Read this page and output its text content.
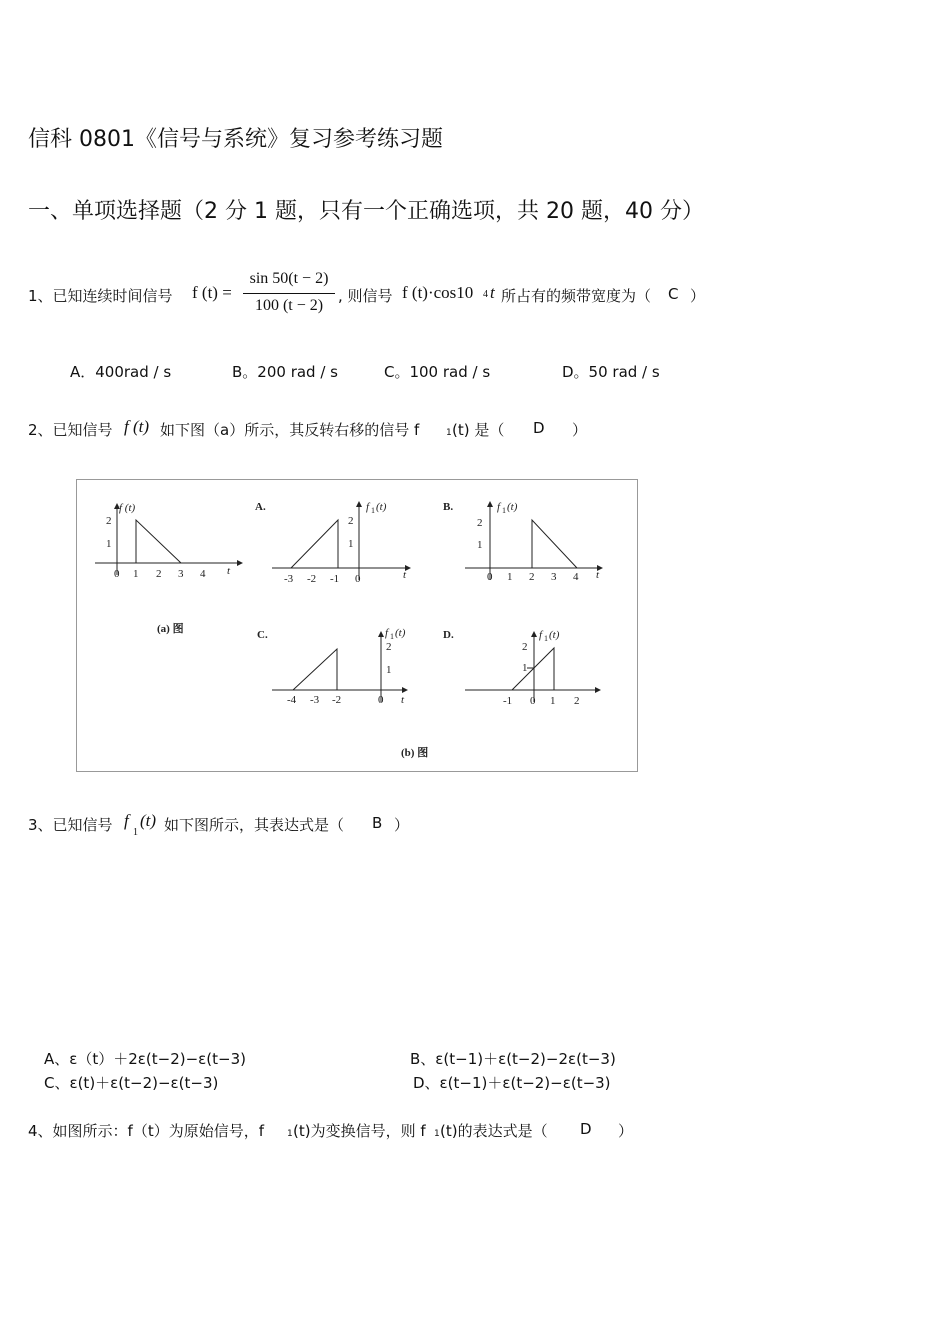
信科 0801《信号与系统》复习参考练习题
一、单项选择题（2 分 1 题，只有一个正确选项，共 20 题，40 分）
1、已知连续时间信号 f (t) =
sin 50(t − 2)
100 (t − 2)
, 则信号 f (t)·cos10 4 t 所占有的频带宽度为（ C ）
A．400rad / s	B。200 rad / s	C。100 rad / s	D。50 rad / s
2、已知信号 f (t) 如下图（a）所示，其反转右移的信号 f	1 (t) 是（ D ）
f (t)
2
1
0 1 2 3 4 t
(a) 图
A.	f 1 (t)
2
1
-3 -2 -1 0	t
B.	f 1 (t)
2
1
0 1 2 3 4 t
C.	f 1 (t)
2
1
-4 -3 -2	0 t
D.	f 1 (t)
2
1
-1 0 1 2
(b) 图
3、已知信号 f
1
(t) 如下图所示，其表达式是（ B ）
A、ε（t）＋2ε(t−2)−ε(t−3)	B、ε(t−1)＋ε(t−2)−2ε(t−3)
C、ε(t)＋ε(t−2)−ε(t−3)	D、ε(t−1)＋ε(t−2)−ε(t−3)
4、如图所示：f（t）为原始信号，f	1 (t)为变换信号，则 f 1 (t)的表达式是（ D ）
